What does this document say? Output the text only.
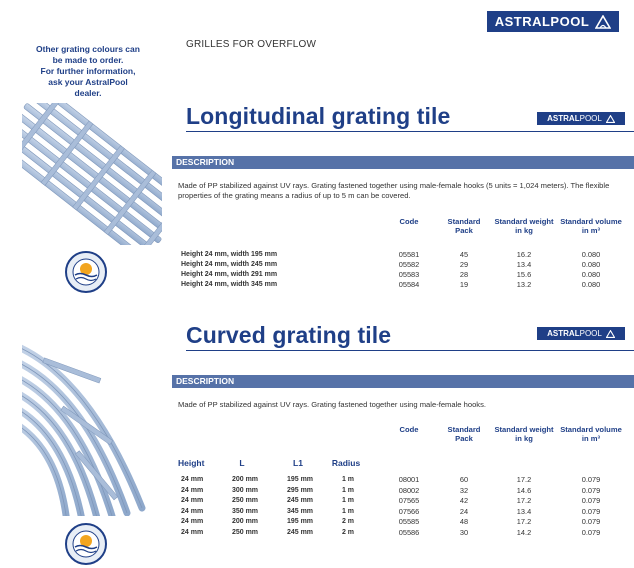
ASTRALPOOL
GRILLES FOR OVERFLOW
Other grating colours can
be made to order.
For further information,
ask your AstralPool
dealer.
Longitudinal grating tile	ASTRAL POOL
DESCRIPTION
Made of PP stabilized against UV rays. Grating fastened together using male-female hooks (5 units = 1,024 meters). The flexible properties of the grating means a radius of up to 5 m can be covered.
Code	Standard
Pack
Standard weight
in kg
Standard volume
in m³
Height 24 mm, width 195 mm	05581	45	16.2	0.080
Height 24 mm, width 245 mm	05582	29	13.4	0.080
Height 24 mm, width 291 mm	05583	28	15.6	0.080
Height 24 mm, width 345 mm	05584	19	13.2	0.080
Curved grating tile	ASTRAL POOL
DESCRIPTION
Made of PP stabilized against UV rays. Grating fastened together using male-female hooks.
Code	Standard
Pack
Standard weight
in kg
Standard volume
in m³
Height	L	L1	Radius
24 mm	200 mm	195 mm	1 m	08001	60	17.2	0.079
24 mm	300 mm	295 mm	1 m	08002	32	14.6	0.079
24 mm	250 mm	245 mm	1 m	07565	42	17.2	0.079
24 mm	350 mm	345 mm	1 m	07566	24	13.4	0.079
24 mm	200 mm	195 mm	2 m	05585	48	17.2	0.079
24 mm	250 mm	245 mm	2 m	05586	30	14.2	0.079
